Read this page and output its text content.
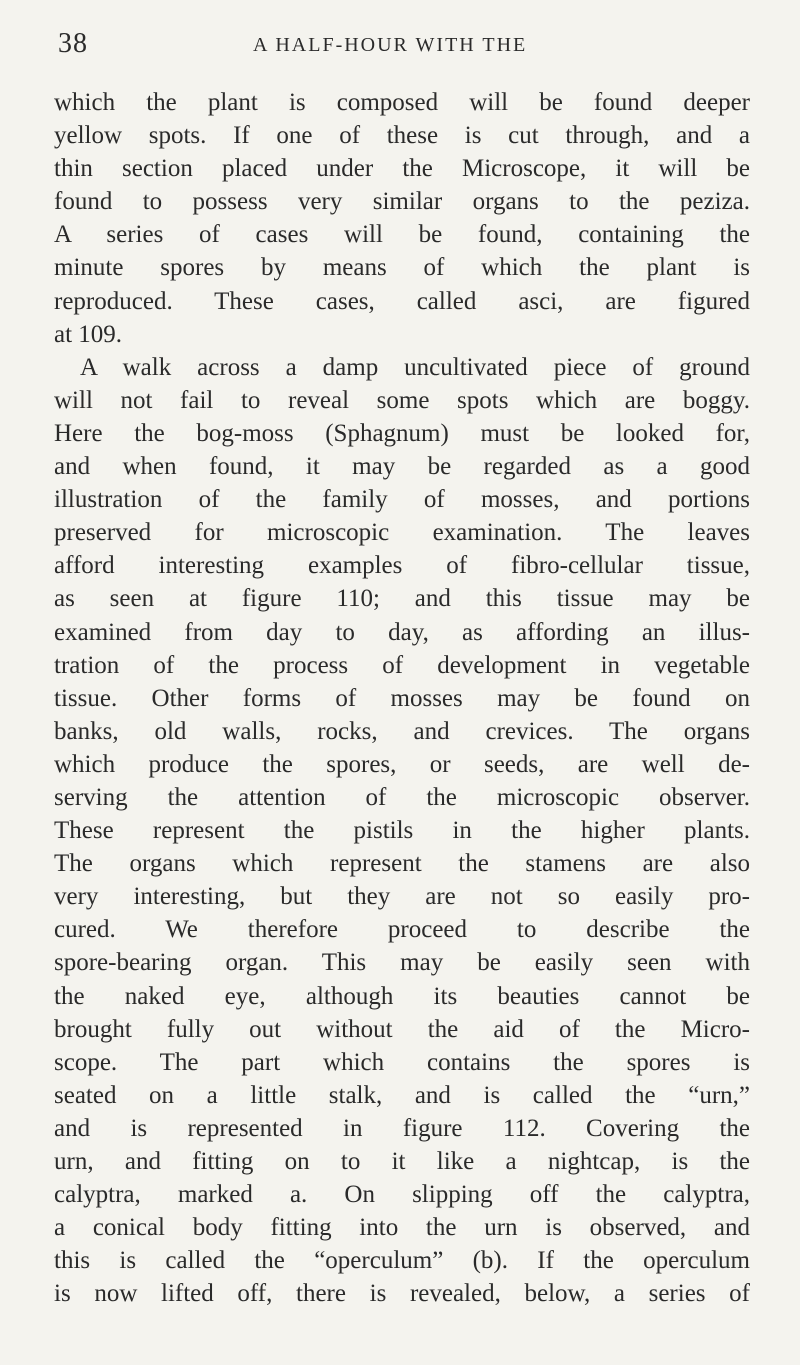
38	A HALF-HOUR WITH THE
which the plant is composed will be found deeper
yellow spots. If one of these is cut through, and a
thin section placed under the Microscope, it will be
found to possess very similar organs to the peziza.
A series of cases will be found, containing the
minute spores by means of which the plant is
reproduced. These cases, called asci, are figured
at 109.
A walk across a damp uncultivated piece of ground
will not fail to reveal some spots which are boggy.
Here the bog-moss (Sphagnum) must be looked for,
and when found, it may be regarded as a good
illustration of the family of mosses, and portions
preserved for microscopic examination. The leaves
afford interesting examples of fibro-cellular tissue,
as seen at figure 110; and this tissue may be
examined from day to day, as affording an illus-
tration of the process of development in vegetable
tissue. Other forms of mosses may be found on
banks, old walls, rocks, and crevices. The organs
which produce the spores, or seeds, are well de-
serving the attention of the microscopic observer.
These represent the pistils in the higher plants.
The organs which represent the stamens are also
very interesting, but they are not so easily pro-
cured. We therefore proceed to describe the
spore-bearing organ. This may be easily seen with
the naked eye, although its beauties cannot be
brought fully out without the aid of the Micro-
scope. The part which contains the spores is
seated on a little stalk, and is called the “urn,”
and is represented in figure 112. Covering the
urn, and fitting on to it like a nightcap, is the
calyptra, marked a. On slipping off the calyptra,
a conical body fitting into the urn is observed, and
this is called the “operculum” (b). If the operculum
is now lifted off, there is revealed, below, a series of
